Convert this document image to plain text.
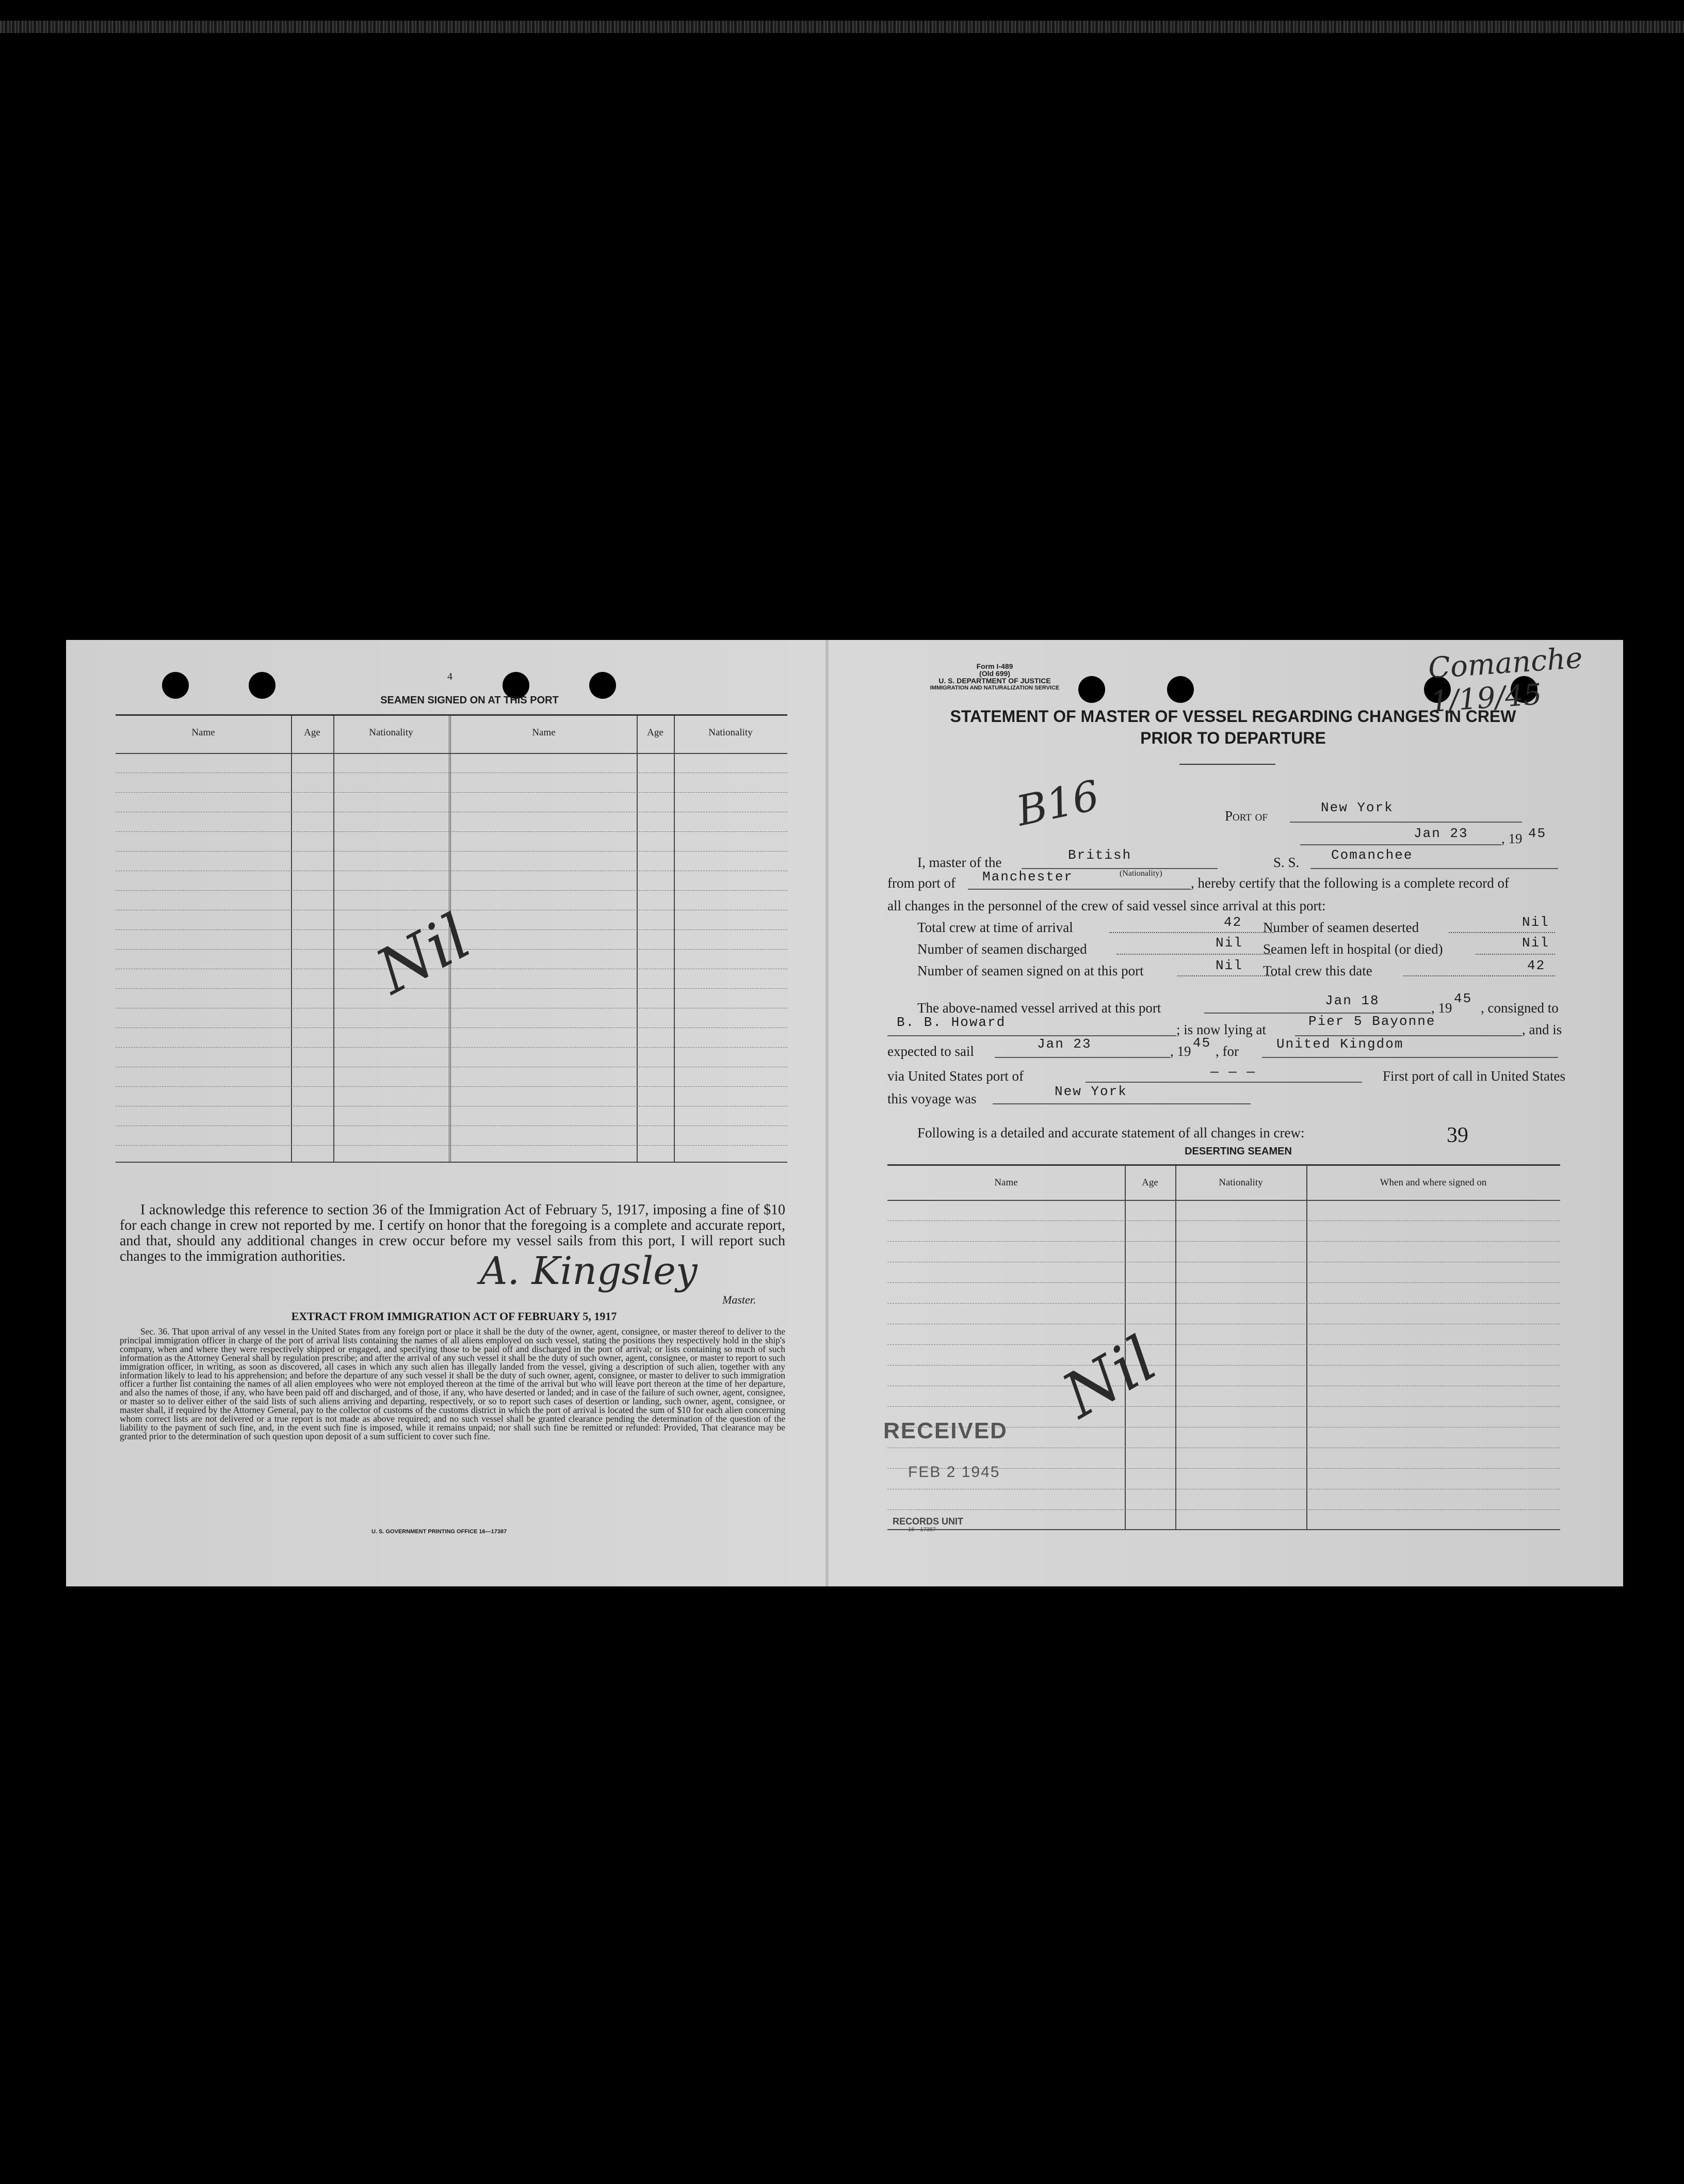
4
SEAMEN SIGNED ON AT THIS PORT
Name	Age	Nationality	Name	Age	Nationality
Nil
I acknowledge this reference to section 36 of the Immigration Act of February 5, 1917, imposing a fine of $10 for each change in crew not reported by me. I certify on honor that the foregoing is a complete and accurate report, and that, should any additional changes in crew occur before my vessel sails from this port, I will report such changes to the immigration authorities.	A. Kingsley
Master.
EXTRACT FROM IMMIGRATION ACT OF FEBRUARY 5, 1917
Sec. 36. That upon arrival of any vessel in the United States from any foreign port or place it shall be the duty of the owner, agent, consignee, or master thereof to deliver to the principal immigration officer in charge of the port of arrival lists containing the names of all aliens employed on such vessel, stating the positions they respectively hold in the ship's company, when and where they were respectively shipped or engaged, and specifying those to be paid off and discharged in the port of arrival; or lists containing so much of such information as the Attorney General shall by regulation prescribe; and after the arrival of any such vessel it shall be the duty of such owner, agent, consignee, or master to report to such immigration officer, in writing, as soon as discovered, all cases in which any such alien has illegally landed from the vessel, giving a description of such alien, together with any information likely to lead to his apprehension; and before the departure of any such vessel it shall be the duty of such owner, agent, consignee, or master to deliver to such immigration officer a further list containing the names of all alien employees who were not employed thereon at the time of the arrival but who will leave port thereon at the time of her departure, and also the names of those, if any, who have been paid off and discharged, and of those, if any, who have deserted or landed; and in case of the failure of such owner, agent, consignee, or master so to deliver either of the said lists of such aliens arriving and departing, respectively, or so to report such cases of desertion or landing, such owner, agent, consignee, or master shall, if required by the Attorney General, pay to the collector of customs of the customs district in which the port of arrival is located the sum of $10 for each alien concerning whom correct lists are not delivered or a true report is not made as above required; and no such vessel shall be granted clearance pending the determination of the question of the liability to the payment of such fine, and, in the event such fine is imposed, while it remains unpaid; nor shall such fine be remitted or refunded: Provided, That clearance may be granted prior to the determination of such question upon deposit of a sum sufficient to cover such fine.
U. S. GOVERNMENT PRINTING OFFICE 16—17387
Form I-489
(Old 699)
U. S. DEPARTMENT OF JUSTICE
IMMIGRATION AND NATURALIZATION SERVICE
Comanche 1/19/45
STATEMENT OF MASTER OF VESSEL REGARDING CHANGES IN CREW
PRIOR TO DEPARTURE
B16	Port of
New York
Jan 23 , 19 45
I, master of the	British
(Nationality)
S. S. Comanchee
from port of Manchester	, hereby certify that the following is a complete record of
all changes in the personnel of the crew of said vessel since arrival at this port:
Total crew at time of arrival	42 Number of seamen deserted	Nil
Number of seamen discharged	Nil Seamen left in hospital (or died)	Nil
Number of seamen signed on at this port	Nil Total crew this date	42
The above-named vessel arrived at this port	Jan 18	, 19
45
, consigned to
B. B. Howard	; is now lying at
Pier 5 Bayonne
, and is
expected to sail	Jan 23	, 19
45
, for	United Kingdom
via United States port of	— — —	First port of call in United States
this voyage was	New York
Following is a detailed and accurate statement of all changes in crew:	39
DESERTING SEAMEN
Name	Age	Nationality	When and where signed on
Nil
RECEIVED
FEB 2 1945
RECORDS UNIT
16—17387
